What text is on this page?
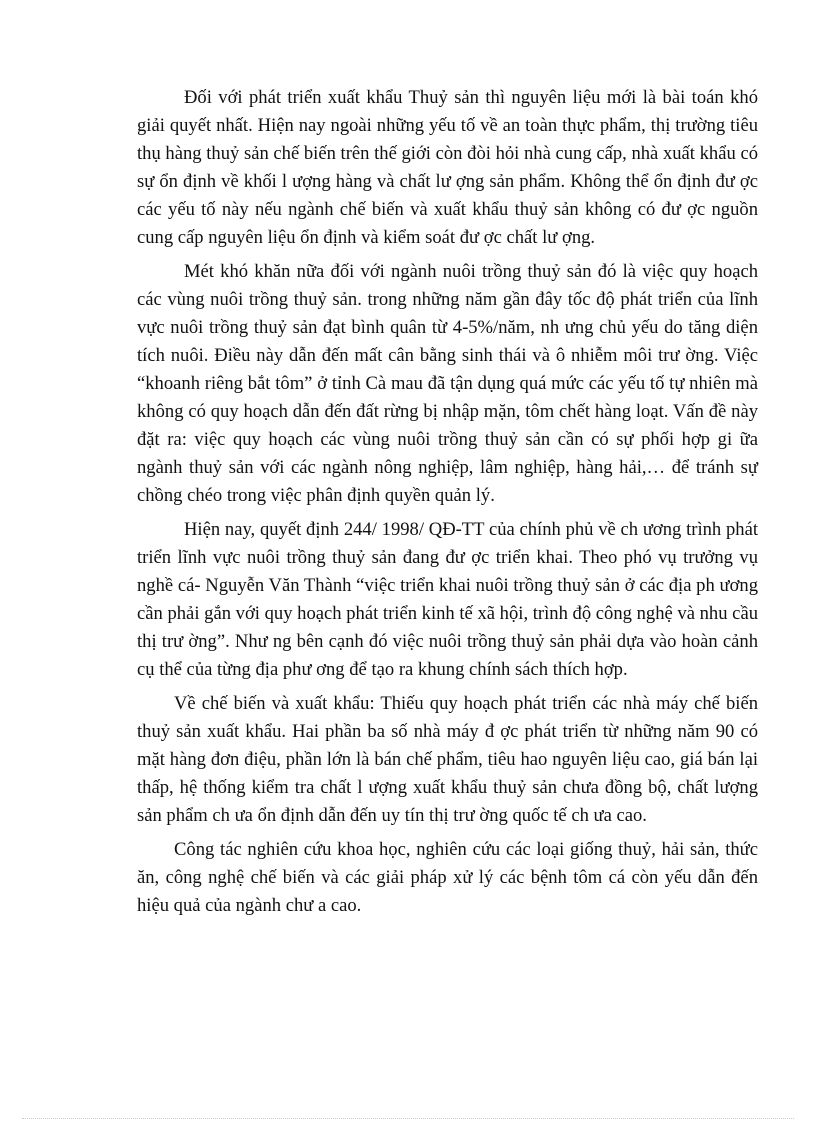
Đối với phát triển xuất khẩu Thuỷ sản thì nguyên liệu mới là bài toán khó giải quyết nhất. Hiện nay ngoài những yếu tố về an toàn thực phẩm, thị trường tiêu thụ hàng thuỷ sản chế biến trên thế giới còn đòi hỏi nhà cung cấp, nhà xuất khẩu có sự ổn định về khối l ượng hàng và chất lư ợng sản phẩm. Không thể ổn định đư ợc các yếu tố này nếu ngành chế biến và xuất khẩu thuỷ sản không có đư ợc nguồn cung cấp nguyên liệu ổn định và kiểm soát đư ợc chất lư ợng.

Mét khó khăn nữa đối với ngành nuôi trồng thuỷ sản đó là việc quy hoạch các vùng nuôi trồng thuỷ sản. trong những năm gần đây tốc độ phát triển của lĩnh vực nuôi trồng thuỷ sản đạt bình quân từ 4-5%/năm, nh ưng chủ yếu do tăng diện tích nuôi. Điều này dẫn đến mất cân bằng sinh thái và ô nhiễm môi trư ờng. Việc “khoanh riêng bắt tôm” ở tỉnh Cà mau đã tận dụng quá mức các yếu tố tự nhiên mà không có quy hoạch dẫn đến đất rừng bị nhập mặn, tôm chết hàng loạt. Vấn đề này đặt ra: việc quy hoạch các vùng nuôi trồng thuỷ sản cần có sự phối hợp gi ữa ngành thuỷ sản với các ngành nông nghiệp, lâm nghiệp, hàng hải,… để tránh sự chồng chéo trong việc phân định quyền quản lý.

Hiện nay, quyết định 244/ 1998/ QĐ-TT của chính phủ về ch ương trình phát triển lĩnh vực nuôi trồng thuỷ sản đang đư ợc triển khai. Theo phó vụ trưởng vụ nghề cá- Nguyễn Văn Thành “việc triển khai nuôi trồng thuỷ sản ở các địa ph ương cần phải gắn với quy hoạch phát triển kinh tế xã hội, trình độ công nghệ và nhu cầu thị trư ờng”. Như ng bên cạnh đó việc nuôi trồng thuỷ sản phải dựa vào hoàn cảnh cụ thể của từng địa phư ơng để tạo ra khung chính sách thích hợp.

Về chế biến và xuất khẩu: Thiếu quy hoạch phát triển các nhà máy chế biến thuỷ sản xuất khẩu. Hai phần ba số nhà máy đ ợc phát triển từ những năm 90 có mặt hàng đơn điệu, phần lớn là bán chế phẩm, tiêu hao nguyên liệu cao, giá bán lại thấp, hệ thống kiểm tra chất l ượng xuất khẩu thuỷ sản chưa đồng bộ, chất lượng sản phẩm ch ưa ổn định dẫn đến uy tín thị trư ờng quốc tế ch ưa cao.

Công tác nghiên cứu khoa học, nghiên cứu các loại giống thuỷ, hải sản, thức ăn, công nghệ chế biến và các giải pháp xử lý các bệnh tôm cá còn yếu dẫn đến hiệu quả của ngành chư a cao.
